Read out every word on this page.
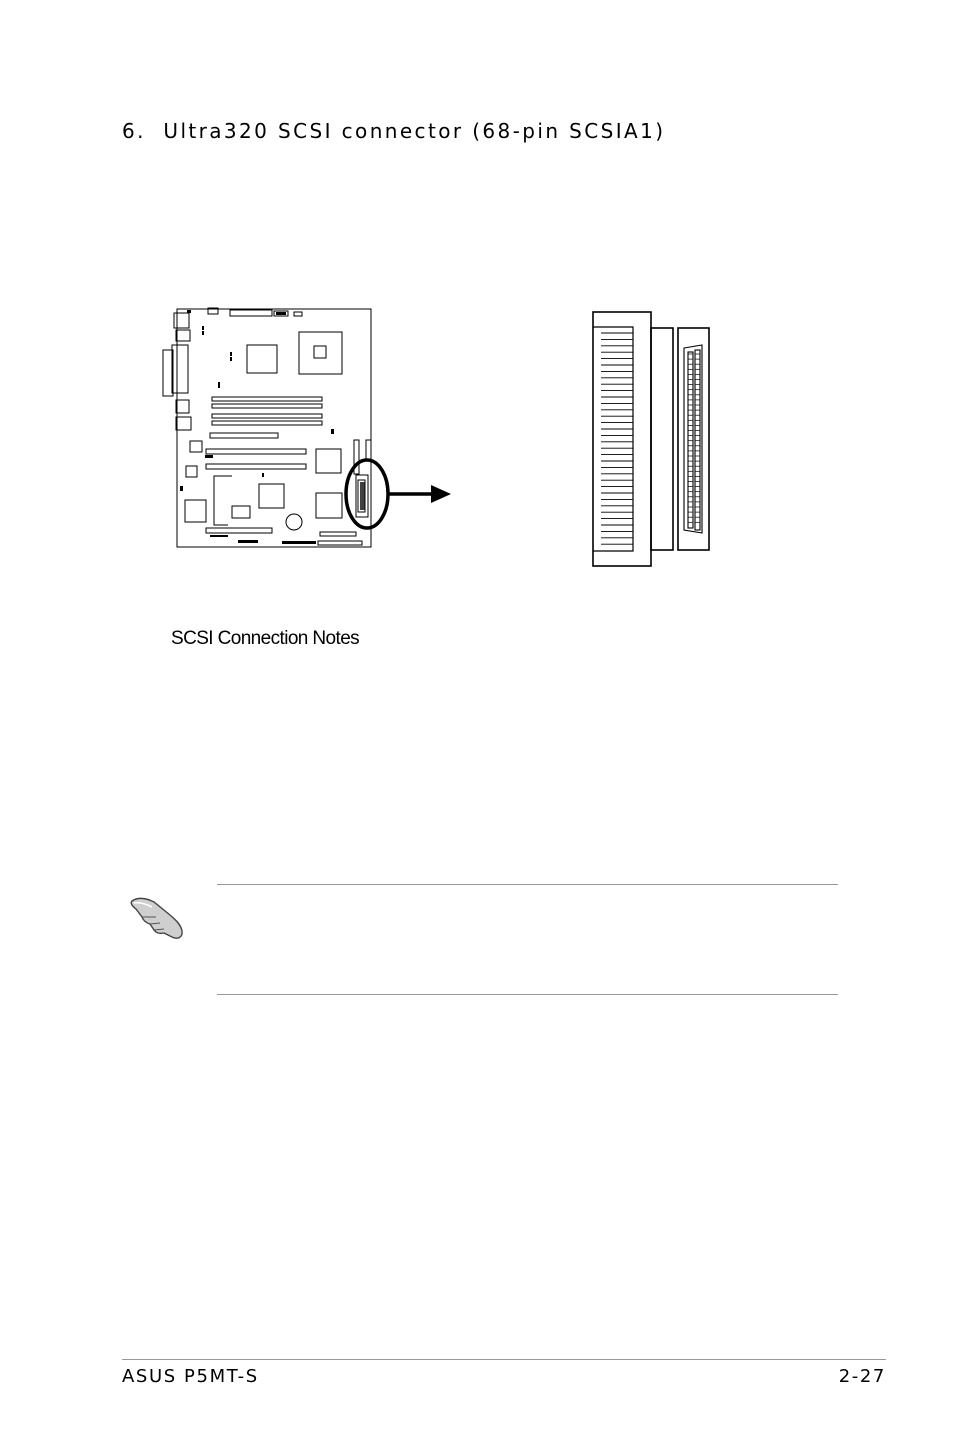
6. Ultra320 SCSI connector (68-pin SCSIA1)
SCSI Connection Notes
ASUS P5MT-S	2-27
